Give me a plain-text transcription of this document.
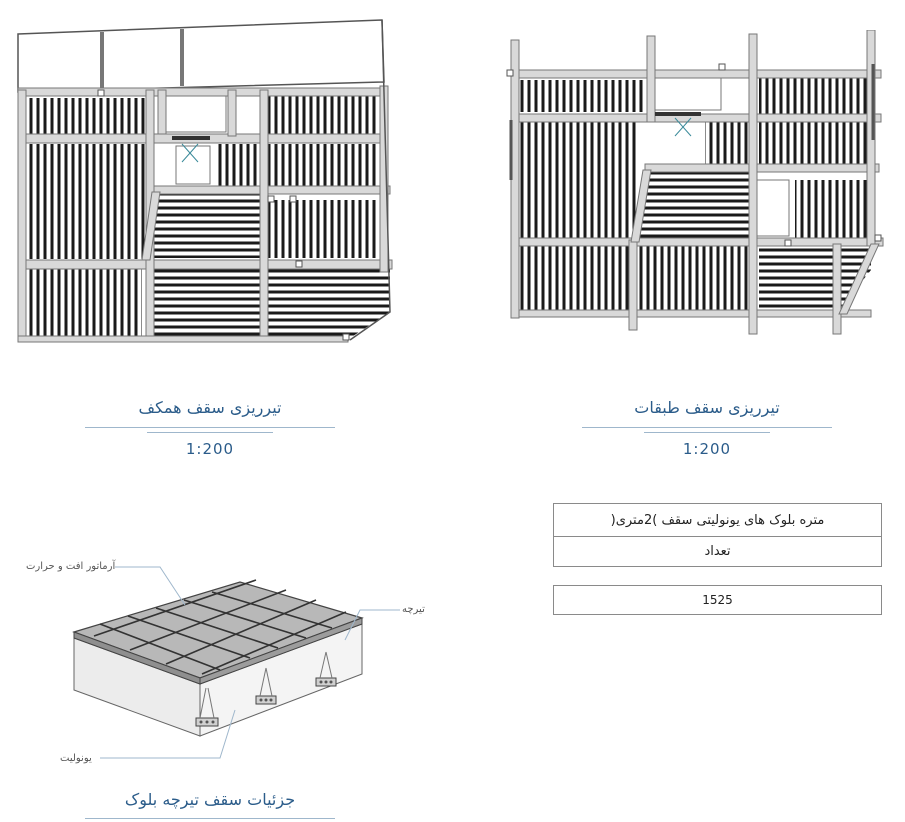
تیرریزی سقف همکف
1:200
تیرریزی سقف طبقات
1:200
متره بلوک های یونولیتی سقف )2متری(
تعداد
1525
آرماتور افت و حرارت
تیرچه
یونولیت
جزئیات سقف تیرچه بلوک
